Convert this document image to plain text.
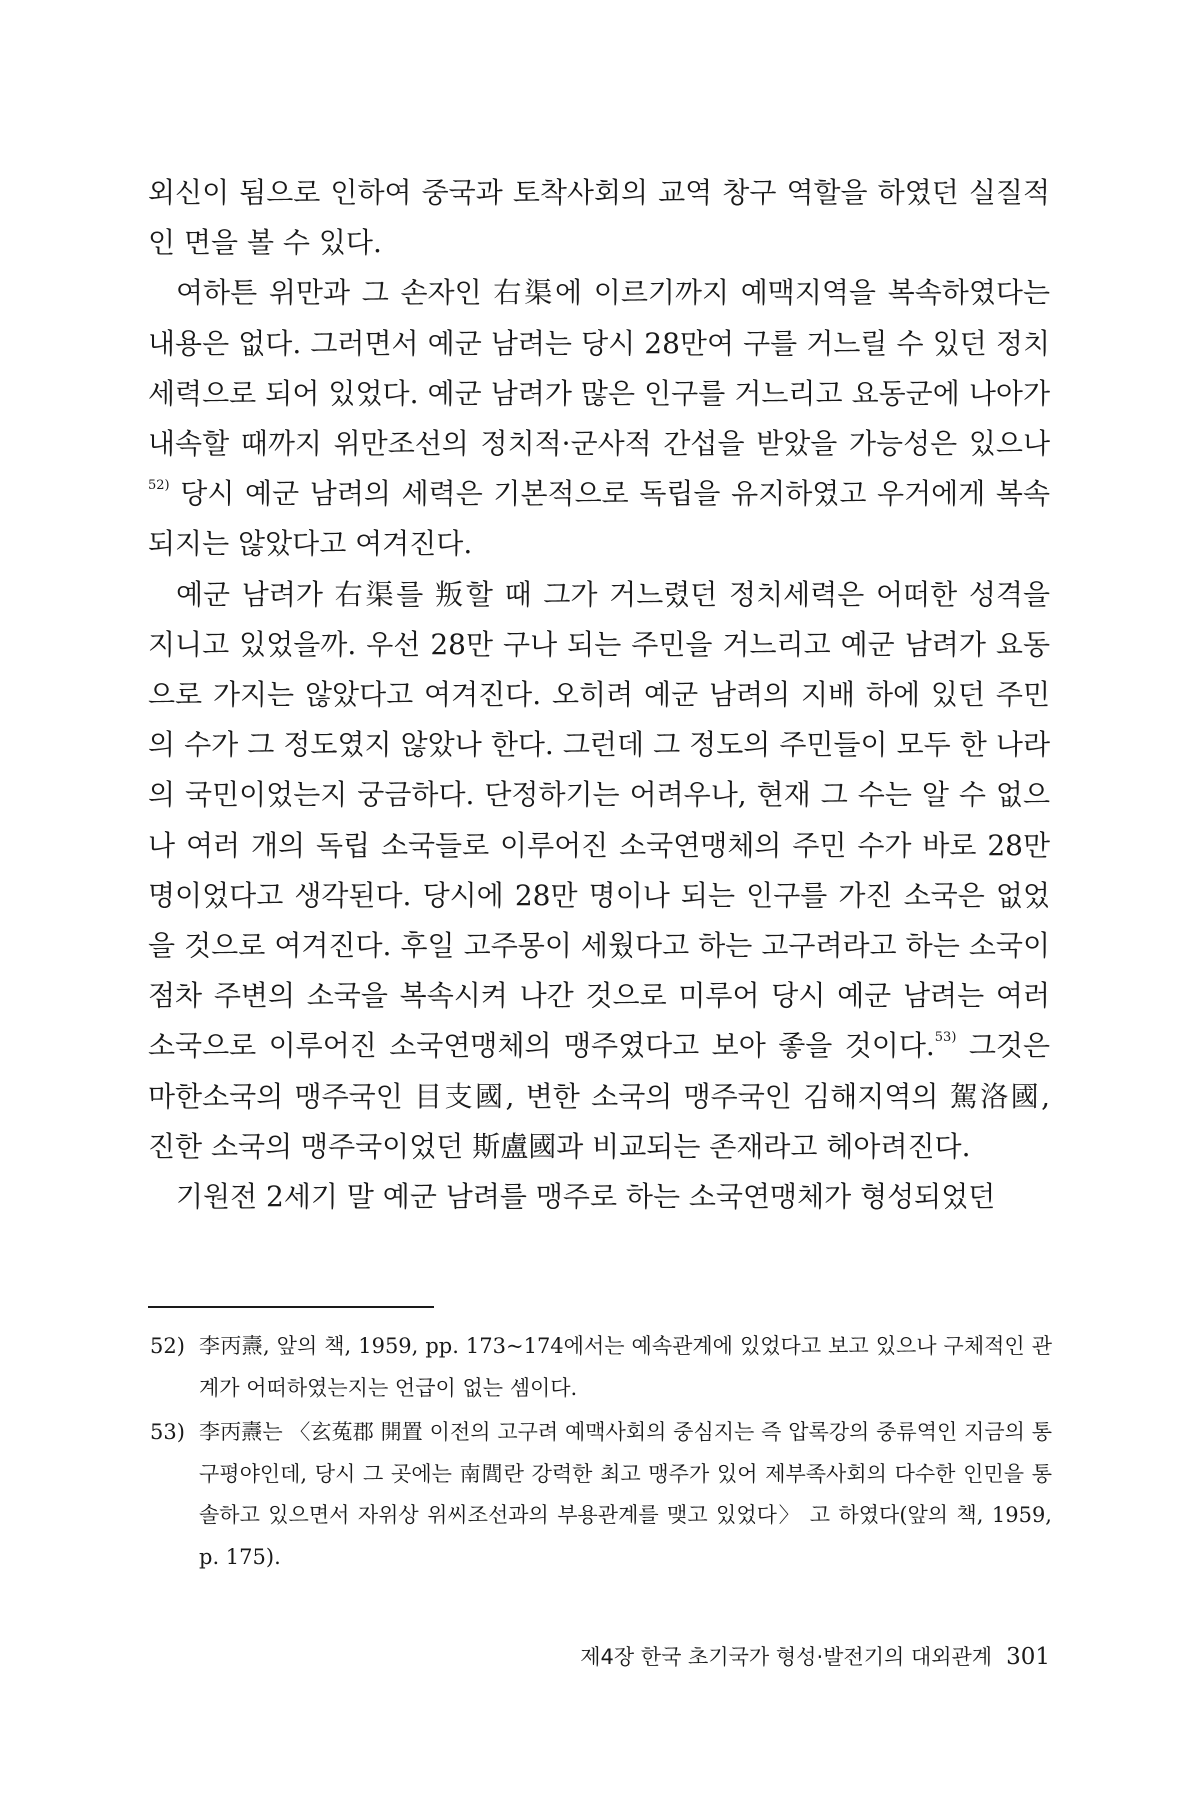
외신이 됨으로 인하여 중국과 토착사회의 교역 창구 역할을 하였던 실질적인 면을 볼 수 있다.

여하튼 위만과 그 손자인 右渠에 이르기까지 예맥지역을 복속하였다는 내용은 없다. 그러면서 예군 남려는 당시 28만여 구를 거느릴 수 있던 정치세력으로 되어 있었다. 예군 남려가 많은 인구를 거느리고 요동군에 나아가 내속할 때까지 위만조선의 정치적·군사적 간섭을 받았을 가능성은 있으나$^{52)}$ 당시 예군 남려의 세력은 기본적으로 독립을 유지하였고 우거에게 복속되지는 않았다고 여겨진다.

예군 남려가 右渠를 叛할 때 그가 거느렸던 정치세력은 어떠한 성격을 지니고 있었을까. 우선 28만 구나 되는 주민을 거느리고 예군 남려가 요동으로 가지는 않았다고 여겨진다. 오히려 예군 남려의 지배 하에 있던 주민의 수가 그 정도였지 않았나 한다. 그런데 그 정도의 주민들이 모두 한 나라의 국민이었는지 궁금하다. 단정하기는 어려우나, 현재 그 수는 알 수 없으나 여러 개의 독립 소국들로 이루어진 소국연맹체의 주민 수가 바로 28만 명이었다고 생각된다. 당시에 28만 명이나 되는 인구를 가진 소국은 없었을 것으로 여겨진다. 후일 고주몽이 세웠다고 하는 고구려라고 하는 소국이 점차 주변의 소국을 복속시켜 나간 것으로 미루어 당시 예군 남려는 여러 소국으로 이루어진 소국연맹체의 맹주였다고 보아 좋을 것이다.$^{53)}$ 그것은 마한소국의 맹주국인 目支國, 변한 소국의 맹주국인 김해지역의 駕洛國, 진한 소국의 맹주국이었던 斯盧國과 비교되는 존재라고 헤아려진다.

기원전 2세기 말 예군 남려를 맹주로 하는 소국연맹체가 형성되었던

52) 李丙燾, 앞의 책, 1959, pp. 173~174에서는 예속관계에 있었다고 보고 있으나 구체적인 관계가 어떠하였는지는 언급이 없는 셈이다.
53) 李丙燾는 〈玄菟郡 開置 이전의 고구려 예맥사회의 중심지는 즉 압록강의 중류역인 지금의 통구평야인데, 당시 그 곳에는 南閭란 강력한 최고 맹주가 있어 제부족사회의 다수한 인민을 통솔하고 있으면서 자위상 위씨조선과의 부용관계를 맺고 있었다〉 고 하였다(앞의 책, 1959, p. 175).
제4장 한국 초기국가 형성·발전기의 대외관계 301
